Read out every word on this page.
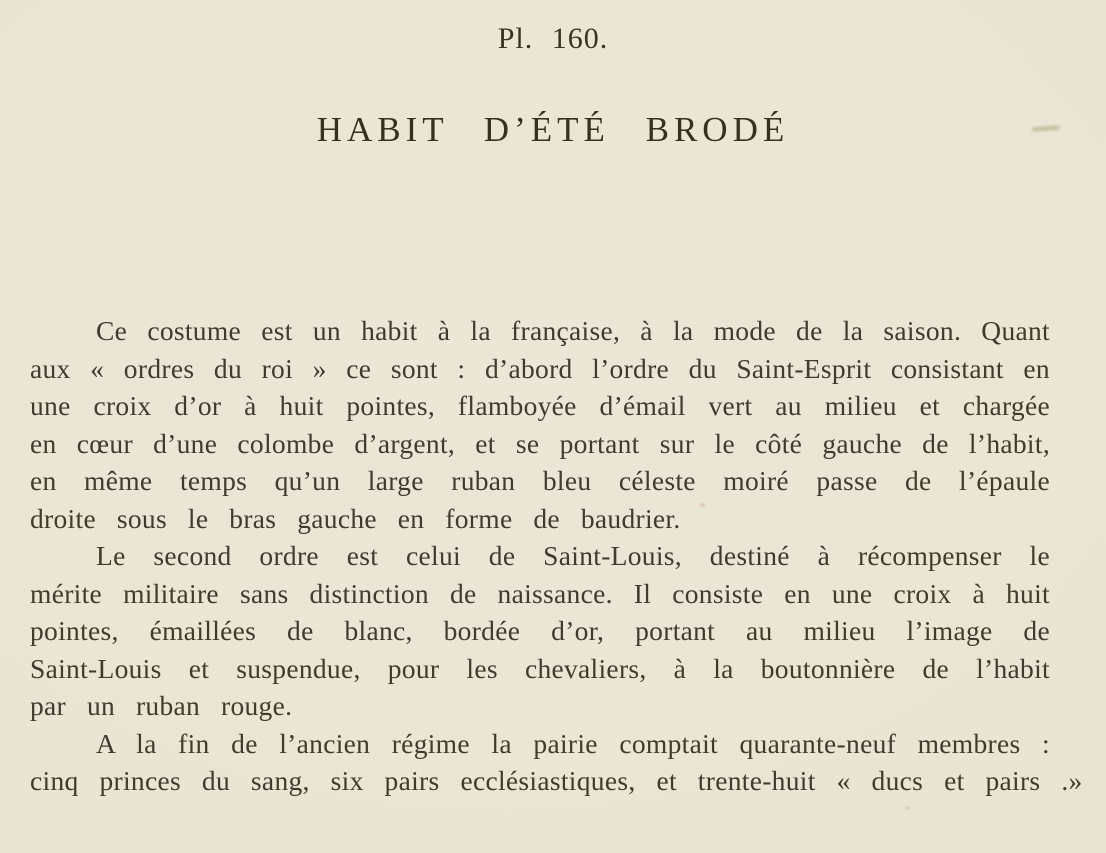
Pl. 160.
HABIT D’ÉTÉ BRODÉ
Ce costume est un habit à la française, à la mode de la saison. Quant
aux « ordres du roi » ce sont : d’abord l’ordre du Saint-Esprit consistant en
une croix d’or à huit pointes, flamboyée d’émail vert au milieu et chargée
en cœur d’une colombe d’argent, et se portant sur le côté gauche de l’habit,
en même temps qu’un large ruban bleu céleste moiré passe de l’épaule
droite sous le bras gauche en forme de baudrier.
Le second ordre est celui de Saint-Louis, destiné à récompenser le
mérite militaire sans distinction de naissance. Il consiste en une croix à huit
pointes, émaillées de blanc, bordée d’or, portant au milieu l’image de
Saint-Louis et suspendue, pour les chevaliers, à la boutonnière de l’habit
par un ruban rouge.
A la fin de l’ancien régime la pairie comptait quarante-neuf membres :
cinq princes du sang, six pairs ecclésiastiques, et trente-huit « ducs et pairs .»
